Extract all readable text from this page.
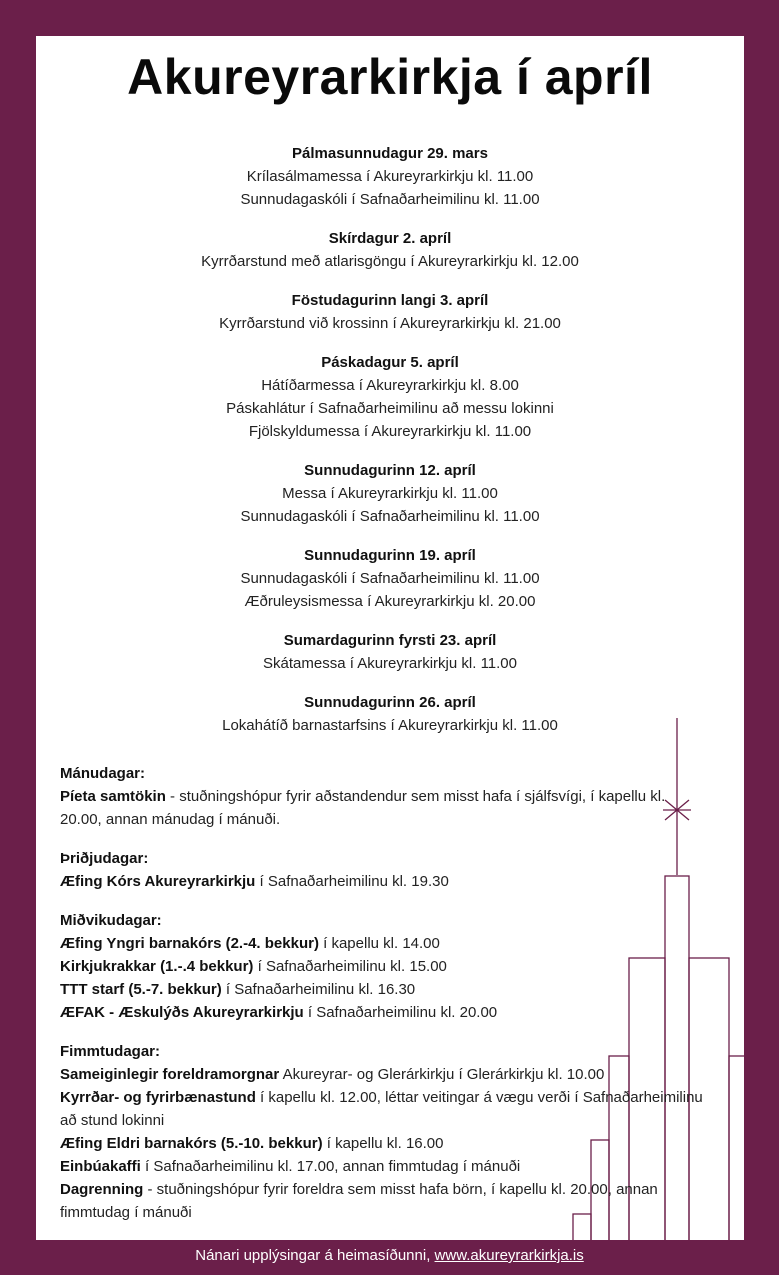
Akureyrarkirkja í apríl
Pálmasunnudagur 29. mars
Krílasálmamessa í Akureyrarkirkju kl. 11.00
Sunnudagaskóli í Safnaðarheimilinu kl. 11.00
Skírdagur 2. apríl
Kyrrðarstund með atlarisgöngu í Akureyrarkirkju kl. 12.00
Föstudagurinn langi 3. apríl
Kyrrðarstund við krossinn í Akureyrarkirkju kl. 21.00
Páskadagur 5. apríl
Hátíðarmessa í Akureyrarkirkju kl. 8.00
Páskahlátur í Safnaðarheimilinu að messu lokinni
Fjölskyldumessa í Akureyrarkirkju kl. 11.00
Sunnudagurinn 12. apríl
Messa í Akureyrarkirkju kl. 11.00
Sunnudagaskóli í Safnaðarheimilinu kl. 11.00
Sunnudagurinn 19. apríl
Sunnudagaskóli í Safnaðarheimilinu kl. 11.00
Æðruleysismessa í Akureyrarkirkju kl. 20.00
Sumardagurinn fyrsti 23. apríl
Skátamessa í Akureyrarkirkju kl. 11.00
Sunnudagurinn 26. apríl
Lokahátíð barnastarfsins í Akureyrarkirkju kl. 11.00
Mánudagar:
Píeta samtökin - stuðningshópur fyrir aðstandendur sem misst hafa í sjálfsvígi, í kapellu kl. 20.00, annan mánudag í mánuði.
Þriðjudagar:
Æfing Kórs Akureyrarkirkju í Safnaðarheimilinu kl. 19.30
Miðvikudagar:
Æfing Yngri barnakórs (2.-4. bekkur) í kapellu kl. 14.00
Kirkjukrakkar (1.-.4 bekkur) í Safnaðarheimilinu kl. 15.00
TTT starf (5.-7. bekkur) í Safnaðarheimilinu kl. 16.30
ÆFAK - Æskulýðs Akureyrarkirkju í Safnaðarheimilinu kl. 20.00
Fimmtudagar:
Sameiginlegir foreldramorgnar Akureyrar- og Glerárkirkju í Glerárkirkju kl. 10.00
Kyrrðar- og fyrirbænastund í kapellu kl. 12.00, léttar veitingar á vægu verði í Safnaðarheimilinu að stund lokinni
Æfing Eldri barnakórs (5.-10. bekkur) í kapellu kl. 16.00
Einbúakaffi í Safnaðarheimilinu kl. 17.00, annan fimmtudag í mánuði
Dagrenning - stuðningshópur fyrir foreldra sem misst hafa börn, í kapellu kl. 20.00, annan fimmtudag í mánuði
Nánari upplýsingar á heimasíðunni, www.akureyrarkirkja.is
